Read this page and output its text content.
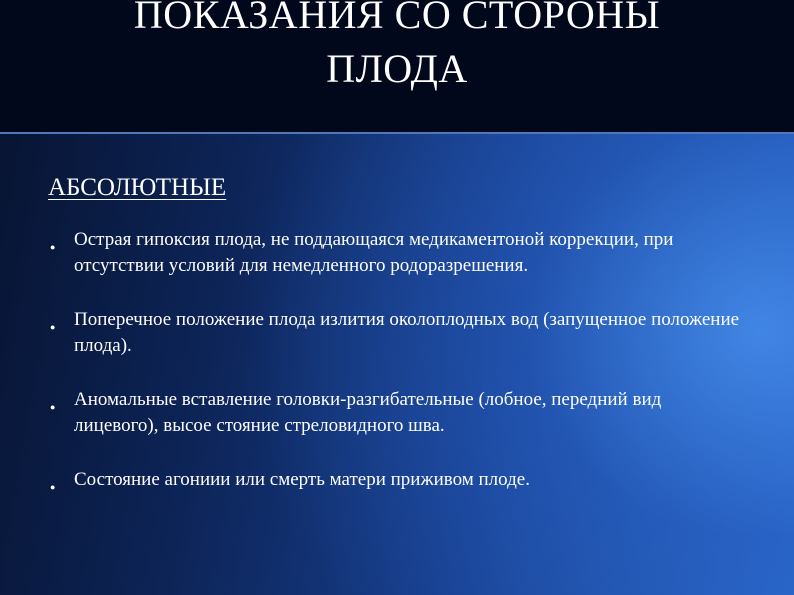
ПОКАЗАНИЯ СО СТОРОНЫ ПЛОДА
АБСОЛЮТНЫЕ
● Острая гипоксия плода, не поддающаяся медикаментоной коррекции, при отсутствии условий для немедленного родоразрешения.
● Поперечное положение плода излития околоплодных вод (запущенное положение плода).
● Аномальные вставление головки-разгибательные (лобное, передний вид лицевого), высое стояние стреловидного шва.
● Состояние агониии или смерть матери приживом плоде.
